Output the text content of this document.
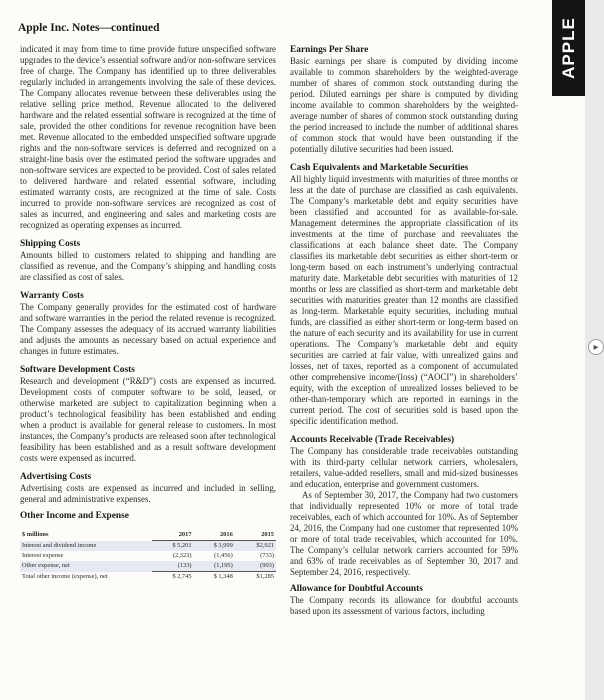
Apple Inc. Notes—continued

indicated it may from time to time provide future unspecified software upgrades to the device’s essential software and/or non-software services free of charge. The Company has identified up to three deliverables regularly included in arrangements involving the sale of these devices. The Company allocates revenue between these deliverables using the relative selling price method. Revenue allocated to the delivered hardware and the related essential software is recognized at the time of sale, provided the other conditions for revenue recognition have been met. Revenue allocated to the embedded unspecified software upgrade rights and the non-software services is deferred and recognized on a straight-line basis over the estimated period the software upgrades and non-software services are expected to be provided. Cost of sales related to delivered hardware and related essential software, including estimated warranty costs, are recognized at the time of sale. Costs incurred to provide non-software services are recognized as cost of sales as incurred, and engineering and sales and marketing costs are recognized as operating expenses as incurred.

Shipping Costs

Amounts billed to customers related to shipping and handling are classified as revenue, and the Company’s shipping and handling costs are classified as cost of sales.

Warranty Costs

The Company generally provides for the estimated cost of hardware and software warranties in the period the related revenue is recognized. The Company assesses the adequacy of its accrued warranty liabilities and adjusts the amounts as necessary based on actual experience and changes in future estimates.

Software Development Costs

Research and development (“R&D”) costs are expensed as incurred. Development costs of computer software to be sold, leased, or otherwise marketed are subject to capitalization beginning when a product’s technological feasibility has been established and ending when a product is available for general release to customers. In most instances, the Company’s products are released soon after technological feasibility has been established and as a result software development costs were expensed as incurred.

Advertising Costs

Advertising costs are expensed as incurred and included in selling, general and administrative expenses.

Other Income and Expense
$ millions	2017	2016	2015
Interest and dividend income	$ 5,201	$ 3,999	$2,921
Interest expense	(2,323)	(1,456)	(733)
Other expense, net	(133)	(1,195)	(903)
Total other income (expense), net	$ 2,745	$ 1,348	$1,285
Earnings Per Share

Basic earnings per share is computed by dividing income available to common shareholders by the weighted-average number of shares of common stock outstanding during the period. Diluted earnings per share is computed by dividing income available to common shareholders by the weighted-average number of shares of common stock outstanding during the period increased to include the number of additional shares of common stock that would have been outstanding if the potentially dilutive securities had been issued.

Cash Equivalents and Marketable Securities

All highly liquid investments with maturities of three months or less at the date of purchase are classified as cash equivalents. The Company’s marketable debt and equity securities have been classified and accounted for as available-for-sale. Management determines the appropriate classification of its investments at the time of purchase and reevaluates the classifications at each balance sheet date. The Company classifies its marketable debt securities as either short-term or long-term based on each instrument’s underlying contractual maturity date. Marketable debt securities with maturities of 12 months or less are classified as short-term and marketable debt securities with maturities greater than 12 months are classified as long-term. Marketable equity securities, including mutual funds, are classified as either short-term or long-term based on the nature of each security and its availability for use in current operations. The Company’s marketable debt and equity securities are carried at fair value, with unrealized gains and losses, net of taxes, reported as a component of accumulated other comprehensive income/(loss) (“AOCI”) in shareholders’ equity, with the exception of unrealized losses believed to be other-than-temporary which are reported in earnings in the current period. The cost of securities sold is based upon the specific identification method.

Accounts Receivable (Trade Receivables)

The Company has considerable trade receivables outstanding with its third-party cellular network carriers, wholesalers, retailers, value-added resellers, small and mid-sized businesses and education, enterprise and government customers.

As of September 30, 2017, the Company had two customers that individually represented 10% or more of total trade receivables, each of which accounted for 10%. As of September 24, 2016, the Company had one customer that represented 10% or more of total trade receivables, which accounted for 10%. The Company’s cellular network carriers accounted for 59% and 63% of trade receivables as of September 30, 2017 and September 24, 2016, respectively.

Allowance for Doubtful Accounts

The Company records its allowance for doubtful accounts based upon its assessment of various factors, including

APPLE
▸
